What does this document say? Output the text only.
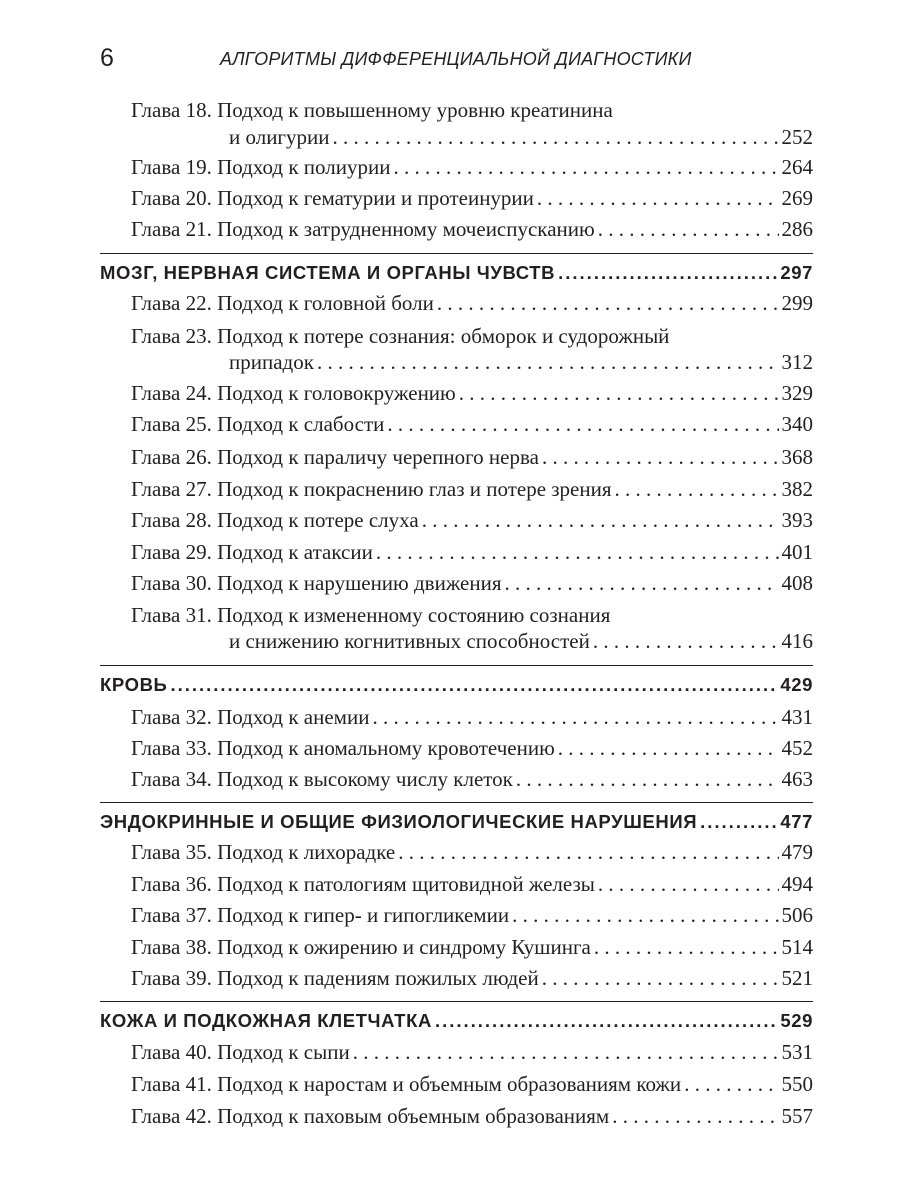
6	АЛГОРИТМЫ ДИФФЕРЕНЦИАЛЬНОЙ ДИАГНОСТИКИ
Глава 18. Подход к повышенному уровню креатинина
и олигурии . . .	252
Глава 19. Подход к полиурии . . .	264
Глава 20. Подход к гематурии и протеинурии . . .	269
Глава 21. Подход к затрудненному мочеиспусканию . . .	286
МОЗГ, НЕРВНАЯ СИСТЕМА И ОРГАНЫ ЧУВСТВ .....	297
Глава 22. Подход к головной боли . . .	299
Глава 23. Подход к потере сознания: обморок и судорожный
припадок . . .	312
Глава 24. Подход к головокружению . . .	329
Глава 25. Подход к слабости . . .	340
Глава 26. Подход к параличу черепного нерва . . .	368
Глава 27. Подход к покраснению глаз и потере зрения . . .	382
Глава 28. Подход к потере слуха . . .	393
Глава 29. Подход к атаксии . . .	401
Глава 30. Подход к нарушению движения . . .	408
Глава 31. Подход к измененному состоянию сознания
и снижению когнитивных способностей . . .	416
КРОВЬ .....	429
Глава 32. Подход к анемии . . .	431
Глава 33. Подход к аномальному кровотечению . . .	452
Глава 34. Подход к высокому числу клеток . . .	463
ЭНДОКРИННЫЕ И ОБЩИЕ ФИЗИОЛОГИЧЕСКИЕ НАРУШЕНИЯ .....	477
Глава 35. Подход к лихорадке . . .	479
Глава 36. Подход к патологиям щитовидной железы . . .	494
Глава 37. Подход к гипер- и гипогликемии . . .	506
Глава 38. Подход к ожирению и синдрому Кушинга . . .	514
Глава 39. Подход к падениям пожилых людей . . .	521
КОЖА И ПОДКОЖНАЯ КЛЕТЧАТКА .....	529
Глава 40. Подход к сыпи . . .	531
Глава 41. Подход к наростам и объемным образованиям кожи . . .	550
Глава 42. Подход к паховым объемным образованиям . . .	557
